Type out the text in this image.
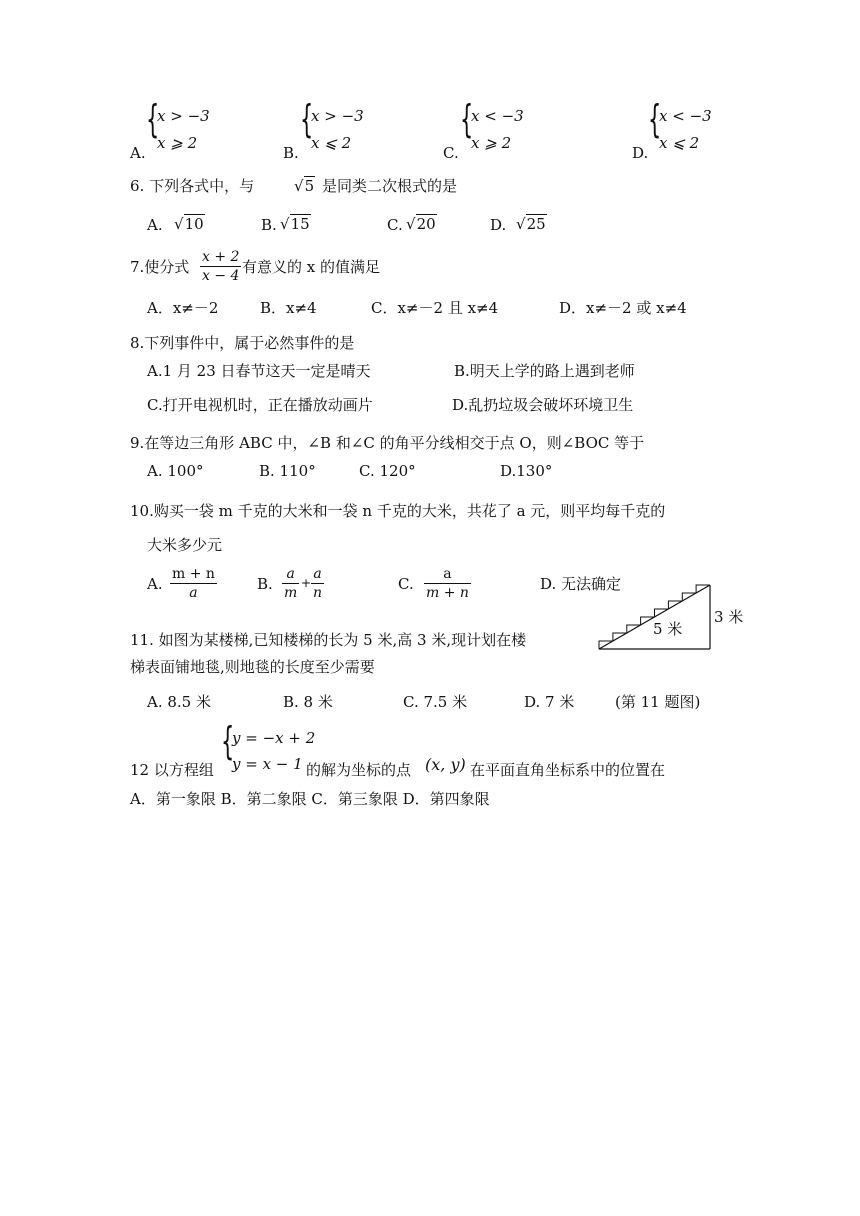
A.
{
x > −3
x ⩾ 2
B.
{
x > −3
x ⩽ 2
C.
{
x < −3
x ⩾ 2
D.
{
x < −3
x ⩽ 2
6. 下列各式中，与	√5 是同类二次根式的是
A. √10	B. √15	C. √20	D. √25
7.使分式 $\frac{x + 2}{x - 4}$ 有意义的 x 的值满足
A．x≠－2	B．x≠4	C．x≠－2 且 x≠4	D．x≠－2 或 x≠4
8.下列事件中，属于必然事件的是
A.1 月 23 日春节这天一定是晴天	B.明天上学的路上遇到老师
C.打开电视机时，正在播放动画片	D.乱扔垃圾会破坏环境卫生
9.在等边三角形 ABC 中，∠B 和∠C 的角平分线相交于点 O，则∠BOC 等于
A. 100°	B. 110°	C. 120°	D.130°
10.购买一袋 m 千克的大米和一袋 n 千克的大米，共花了 a 元，则平均每千克的
大米多少元
A. $\frac{m + n}{a}$	B. $\frac{a}{m} + \frac{a}{n}$	C. $\frac{a}{m + n}$	D. 无法确定
11. 如图为某楼梯,已知楼梯的长为 5 米,高 3 米,现计划在楼
梯表面铺地毯,则地毯的长度至少需要
A. 8.5 米	B. 8 米	C. 7.5 米	D. 7 米	(第 11 题图)
5 米
3 米
12 以方程组
{
y = −x + 2
y = x − 1 的解为坐标的点 (x, y) 在平面直角坐标系中的位置在
A．第一象限 B．第二象限 C．第三象限 D．第四象限
